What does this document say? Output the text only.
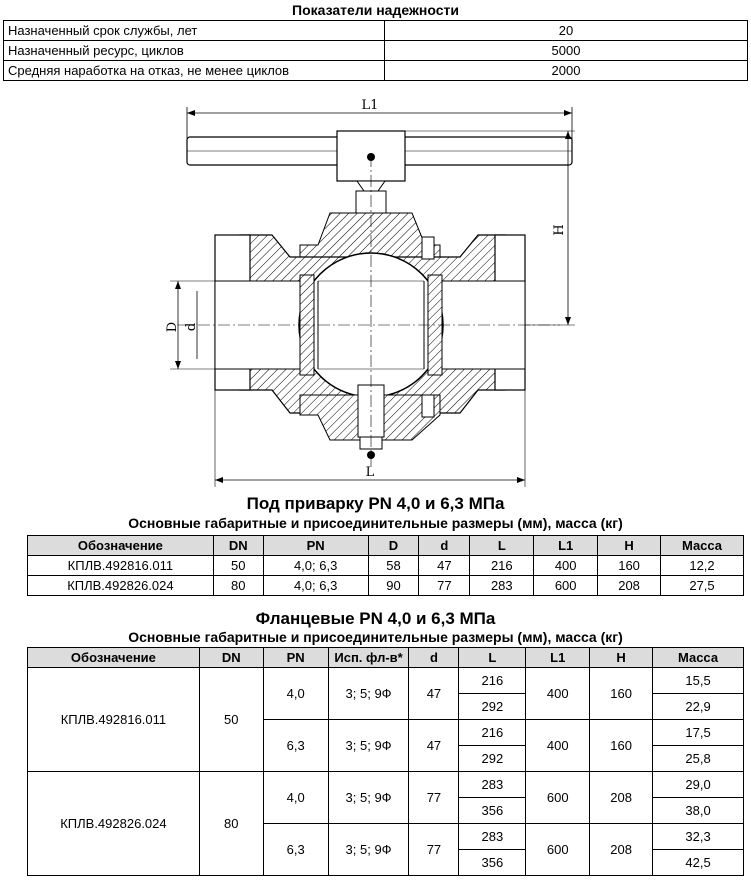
Показатели надежности
Назначенный срок службы, лет	20
Назначенный ресурс, циклов	5000
Средняя наработка на отказ, не менее циклов	2000
L1
H
D d
L
Под приварку PN 4,0 и 6,3 МПа
Основные габаритные и присоединительные размеры (мм), масса (кг)
Обозначение	DN	PN	D	d	L	L1	H	Масса
КПЛВ.492816.011	50	4,0; 6,3	58	47	216	400	160	12,2
КПЛВ.492826.024	80	4,0; 6,3	90	77	283	600	208	27,5
Фланцевые PN 4,0 и 6,3 МПа
Основные габаритные и присоединительные размеры (мм), масса (кг)
Обозначение	DN	PN	Исп. фл-в*	d	L	L1	H	Масса
КПЛВ.492816.011	50	4,0	3; 5; 9Ф	47	216	400	160	15,5
					292			22,9
		6,3	3; 5; 9Ф	47	216	400	160	17,5
					292			25,8
КПЛВ.492826.024	80	4,0	3; 5; 9Ф	77	283	600	208	29,0
					356			38,0
		6,3	3; 5; 9Ф	77	283	600	208	32,3
					356			42,5
